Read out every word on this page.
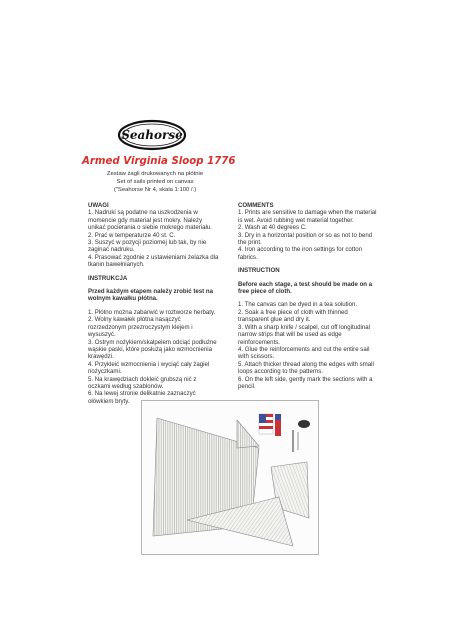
Seahorse
Armed Virginia Sloop 1776
Zestaw żagli drukowanych na płótnie
Set of sails printed on canvas
("Seahorse Nr 4, skala 1:100 /.)

UWAGI

1. Nadruki są podatne na uszkodzenia w momencie gdy materiał jest mokry. Należy unikać pocierania o siebie mokrego materiału.

2. Prać w temperaturze 40 st. C.

3. Suszyć w pozycji poziomej lub tak, by nie zaginać nadruku.

4. Prasować zgodnie z ustawieniami żelazka dla tkanin bawełnianych.

INSTRUKCJA

Przed każdym etapem należy zrobić test na wolnym kawałku płótna.

1. Płótno można zabarwić w roztworze herbaty.

2. Wolny kawałek płótna nasączyć rozrzedzonym przezroczystym klejem i wysuszyć.

3. Ostrym nożykiem/skalpelem odciąć podłużne wąskie paski, które posłużą jako wzmocnienia krawędzi.

4. Przykleić wzmocnienia i wyciąć cały żagiel nożyczkami.

5. Na krawędziach dokleić grubszą nić z oczkami według szablonów.

6. Na lewej stronie delikatnie zaznaczyć ołówkiem bryty.

COMMENTS

1. Prints are sensitive to damage when the material is wet. Avoid rubbing wet material together.

2. Wash at 40 degrees C.

3. Dry in a horizontal position or so as not to bend the print.

4. Iron according to the iron settings for cotton fabrics.

INSTRUCTION

Before each stage, a test should be made on a free piece of cloth.

1. The canvas can be dyed in a tea solution.

2. Soak a free piece of cloth with thinned transparent glue and dry it.

3. With a sharp knife / scalpel, cut off longitudinal narrow strips that will be used as edge reinforcements.

4. Glue the reinforcements and cut the entire sail with scissors.

5. Attach thicker thread along the edges with small loops according to the patterns.

6. On the left side, gently mark the sections with a pencil.
